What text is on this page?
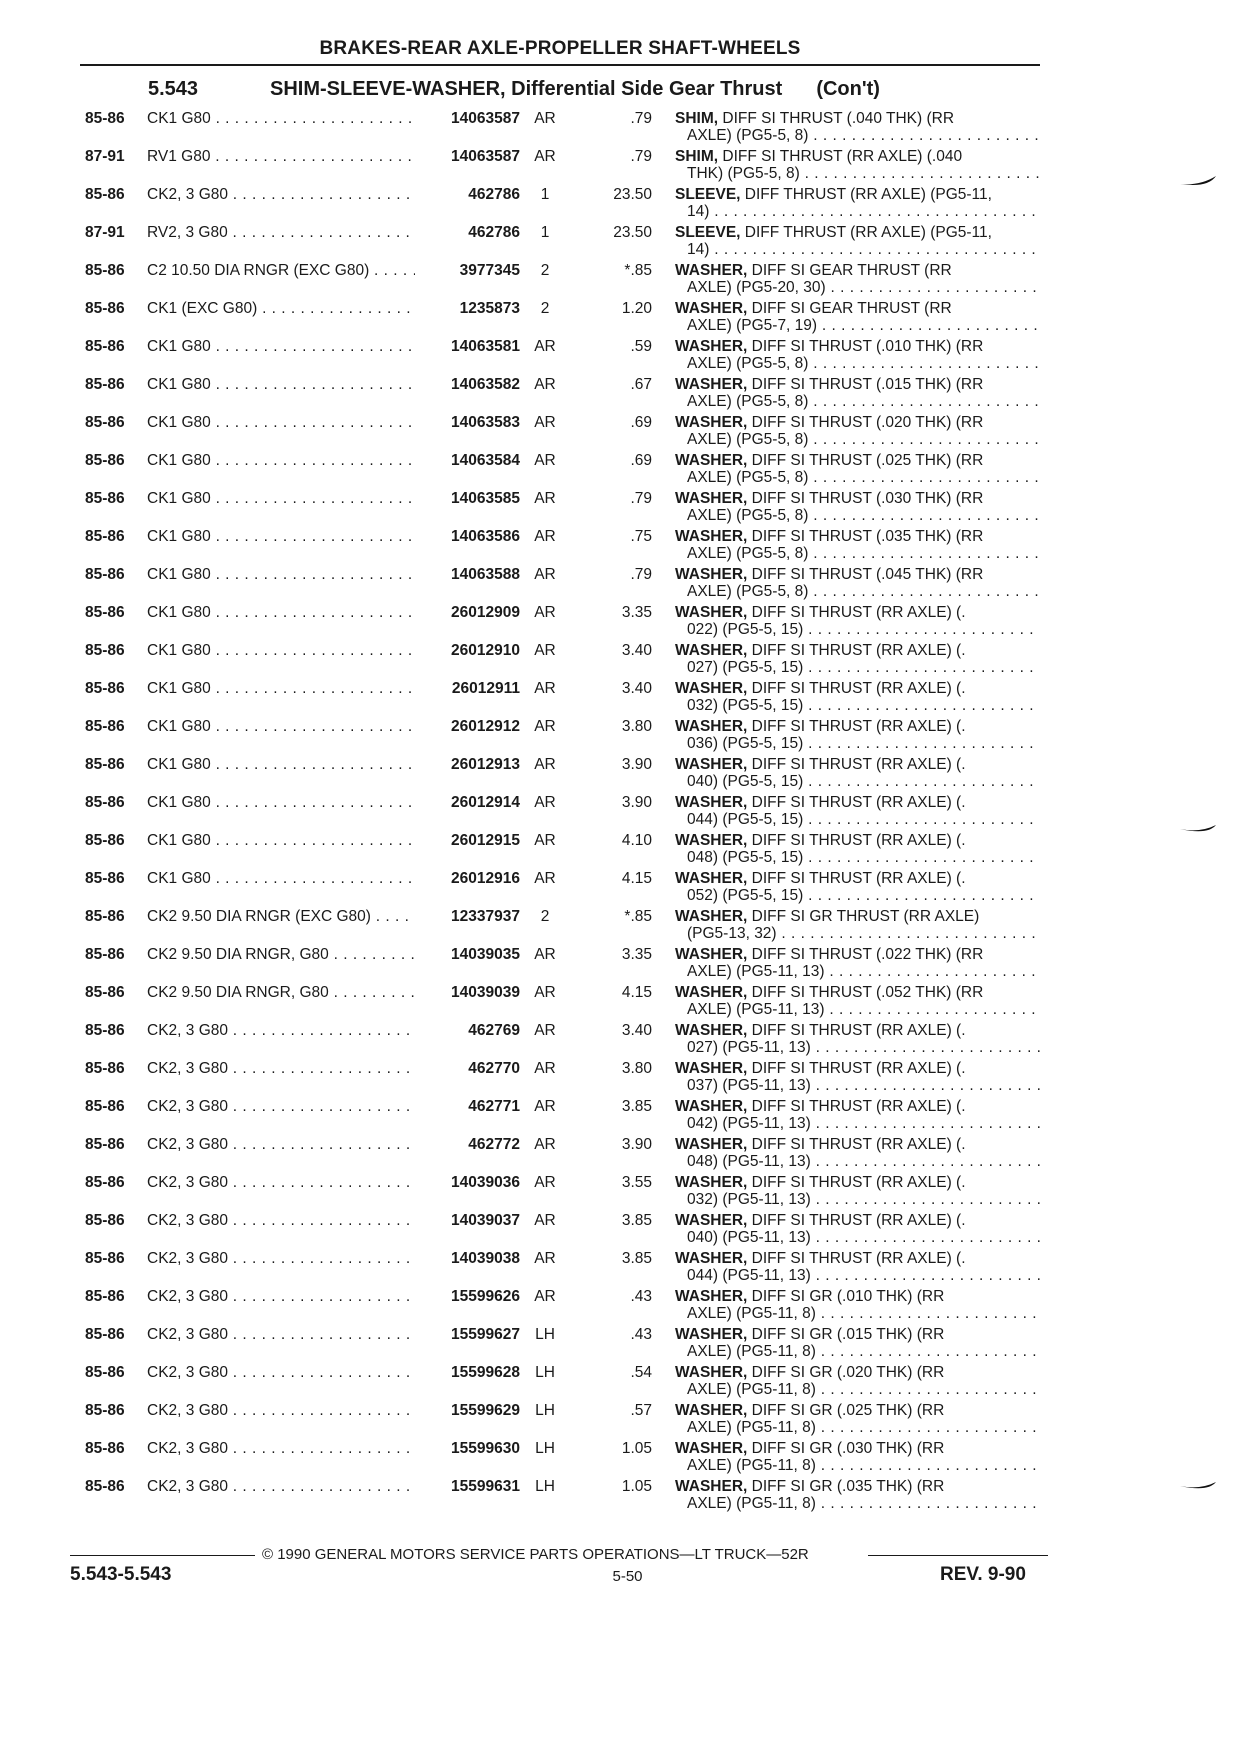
BRAKES-REAR AXLE-PROPELLER SHAFT-WHEELS
5.543	SHIM-SLEEVE-WASHER, Differential Side Gear Thrust (Con't)
85-86 CK1 G80 . . .	14063587 AR	.79 SHIM, DIFF SI THRUST (.040 THK) (RR
AXLE) (PG5-5, 8) . . .
87-91 RV1 G80 . . .	14063587 AR	.79 SHIM, DIFF SI THRUST (RR AXLE) (.040
THK) (PG5-5, 8) . . .
85-86 CK2, 3 G80 . . .	462786	1	23.50 SLEEVE, DIFF THRUST (RR AXLE) (PG5-11,
14) . . .
87-91 RV2, 3 G80 . . .	462786	1	23.50 SLEEVE, DIFF THRUST (RR AXLE) (PG5-11,
14) . . .
85-86 C2 10.50 DIA RNGR (EXC G80) . . .	3977345	2	*.85 WASHER, DIFF SI GEAR THRUST (RR
AXLE) (PG5-20, 30) . . .
85-86 CK1 (EXC G80) . . .	1235873	2	1.20 WASHER, DIFF SI GEAR THRUST (RR
AXLE) (PG5-7, 19) . . .
85-86 CK1 G80 . . .	14063581 AR	.59 WASHER, DIFF SI THRUST (.010 THK) (RR
AXLE) (PG5-5, 8) . . .
85-86 CK1 G80 . . .	14063582 AR	.67 WASHER, DIFF SI THRUST (.015 THK) (RR
AXLE) (PG5-5, 8) . . .
85-86 CK1 G80 . . .	14063583 AR	.69 WASHER, DIFF SI THRUST (.020 THK) (RR
AXLE) (PG5-5, 8) . . .
85-86 CK1 G80 . . .	14063584 AR	.69 WASHER, DIFF SI THRUST (.025 THK) (RR
AXLE) (PG5-5, 8) . . .
85-86 CK1 G80 . . .	14063585 AR	.79 WASHER, DIFF SI THRUST (.030 THK) (RR
AXLE) (PG5-5, 8) . . .
85-86 CK1 G80 . . .	14063586 AR	.75 WASHER, DIFF SI THRUST (.035 THK) (RR
AXLE) (PG5-5, 8) . . .
85-86 CK1 G80 . . .	14063588 AR	.79 WASHER, DIFF SI THRUST (.045 THK) (RR
AXLE) (PG5-5, 8) . . .
85-86 CK1 G80 . . .	26012909 AR	3.35 WASHER, DIFF SI THRUST (RR AXLE) (.
022) (PG5-5, 15) . . .
85-86 CK1 G80 . . .	26012910 AR	3.40 WASHER, DIFF SI THRUST (RR AXLE) (.
027) (PG5-5, 15) . . .
85-86 CK1 G80 . . .	26012911 AR	3.40 WASHER, DIFF SI THRUST (RR AXLE) (.
032) (PG5-5, 15) . . .
85-86 CK1 G80 . . .	26012912 AR	3.80 WASHER, DIFF SI THRUST (RR AXLE) (.
036) (PG5-5, 15) . . .
85-86 CK1 G80 . . .	26012913 AR	3.90 WASHER, DIFF SI THRUST (RR AXLE) (.
040) (PG5-5, 15) . . .
85-86 CK1 G80 . . .	26012914 AR	3.90 WASHER, DIFF SI THRUST (RR AXLE) (.
044) (PG5-5, 15) . . .
85-86 CK1 G80 . . .	26012915 AR	4.10 WASHER, DIFF SI THRUST (RR AXLE) (.
048) (PG5-5, 15) . . .
85-86 CK1 G80 . . .	26012916 AR	4.15 WASHER, DIFF SI THRUST (RR AXLE) (.
052) (PG5-5, 15) . . .
85-86 CK2 9.50 DIA RNGR (EXC G80) . . .	12337937	2	*.85 WASHER, DIFF SI GR THRUST (RR AXLE)
(PG5-13, 32) . . .
85-86 CK2 9.50 DIA RNGR, G80 . . .	14039035 AR	3.35 WASHER, DIFF SI THRUST (.022 THK) (RR
AXLE) (PG5-11, 13) . . .
85-86 CK2 9.50 DIA RNGR, G80 . . .	14039039 AR	4.15 WASHER, DIFF SI THRUST (.052 THK) (RR
AXLE) (PG5-11, 13) . . .
85-86 CK2, 3 G80 . . .	462769 AR	3.40 WASHER, DIFF SI THRUST (RR AXLE) (.
027) (PG5-11, 13) . . .
85-86 CK2, 3 G80 . . .	462770 AR	3.80 WASHER, DIFF SI THRUST (RR AXLE) (.
037) (PG5-11, 13) . . .
85-86 CK2, 3 G80 . . .	462771 AR	3.85 WASHER, DIFF SI THRUST (RR AXLE) (.
042) (PG5-11, 13) . . .
85-86 CK2, 3 G80 . . .	462772 AR	3.90 WASHER, DIFF SI THRUST (RR AXLE) (.
048) (PG5-11, 13) . . .
85-86 CK2, 3 G80 . . .	14039036 AR	3.55 WASHER, DIFF SI THRUST (RR AXLE) (.
032) (PG5-11, 13) . . .
85-86 CK2, 3 G80 . . .	14039037 AR	3.85 WASHER, DIFF SI THRUST (RR AXLE) (.
040) (PG5-11, 13) . . .
85-86 CK2, 3 G80 . . .	14039038 AR	3.85 WASHER, DIFF SI THRUST (RR AXLE) (.
044) (PG5-11, 13) . . .
85-86 CK2, 3 G80 . . .	15599626 AR	.43 WASHER, DIFF SI GR (.010 THK) (RR
AXLE) (PG5-11, 8) . . .
85-86 CK2, 3 G80 . . .	15599627 LH	.43 WASHER, DIFF SI GR (.015 THK) (RR
AXLE) (PG5-11, 8) . . .
85-86 CK2, 3 G80 . . .	15599628 LH	.54 WASHER, DIFF SI GR (.020 THK) (RR
AXLE) (PG5-11, 8) . . .
85-86 CK2, 3 G80 . . .	15599629 LH	.57 WASHER, DIFF SI GR (.025 THK) (RR
AXLE) (PG5-11, 8) . . .
85-86 CK2, 3 G80 . . .	15599630 LH	1.05 WASHER, DIFF SI GR (.030 THK) (RR
AXLE) (PG5-11, 8) . . .
85-86 CK2, 3 G80 . . .	15599631 LH	1.05 WASHER, DIFF SI GR (.035 THK) (RR
AXLE) (PG5-11, 8) . . .
© 1990 GENERAL MOTORS SERVICE PARTS OPERATIONS—LT TRUCK—52R
5.543-5.543	5-50	REV. 9-90
